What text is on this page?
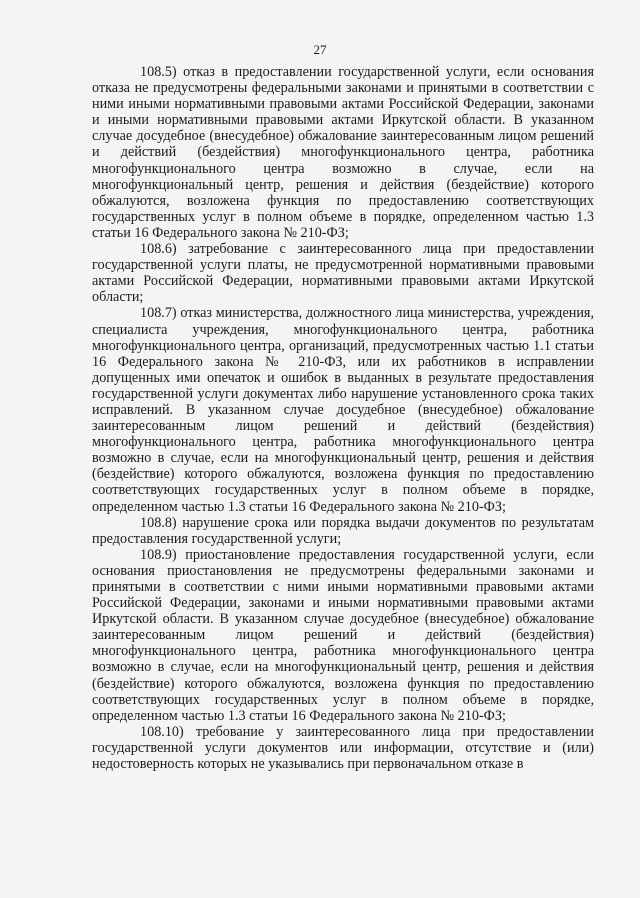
27

108.5) отказ в предоставлении государственной услуги, если основания отказа не предусмотрены федеральными законами и принятыми в соответствии с ними иными нормативными правовыми актами Российской Федерации, законами и иными нормативными правовыми актами Иркутской области. В указанном случае досудебное (внесудебное) обжалование заинтересованным лицом решений и действий (бездействия) многофункционального центра, работника многофункционального центра возможно в случае, если на многофункциональный центр, решения и действия (бездействие) которого обжалуются, возложена функция по предоставлению соответствующих государственных услуг в полном объеме в порядке, определенном частью 1.3 статьи 16 Федерального закона № 210-ФЗ;

108.6) затребование с заинтересованного лица при предоставлении государственной услуги платы, не предусмотренной нормативными правовыми актами Российской Федерации, нормативными правовыми актами Иркутской области;

108.7) отказ министерства, должностного лица министерства, учреждения, специалиста учреждения, многофункционального центра, работника многофункционального центра, организаций, предусмотренных частью 1.1 статьи 16 Федерального закона № 210-ФЗ, или их работников в исправлении допущенных ими опечаток и ошибок в выданных в результате предоставления государственной услуги документах либо нарушение установленного срока таких исправлений. В указанном случае досудебное (внесудебное) обжалование заинтересованным лицом решений и действий (бездействия) многофункционального центра, работника многофункционального центра возможно в случае, если на многофункциональный центр, решения и действия (бездействие) которого обжалуются, возложена функция по предоставлению соответствующих государственных услуг в полном объеме в порядке, определенном частью 1.3 статьи 16 Федерального закона № 210-ФЗ;

108.8) нарушение срока или порядка выдачи документов по результатам предоставления государственной услуги;

108.9) приостановление предоставления государственной услуги, если основания приостановления не предусмотрены федеральными законами и принятыми в соответствии с ними иными нормативными правовыми актами Российской Федерации, законами и иными нормативными правовыми актами Иркутской области. В указанном случае досудебное (внесудебное) обжалование заинтересованным лицом решений и действий (бездействия) многофункционального центра, работника многофункционального центра возможно в случае, если на многофункциональный центр, решения и действия (бездействие) которого обжалуются, возложена функция по предоставлению соответствующих государственных услуг в полном объеме в порядке, определенном частью 1.3 статьи 16 Федерального закона № 210-ФЗ;

108.10) требование у заинтересованного лица при предоставлении государственной услуги документов или информации, отсутствие и (или) недостоверность которых не указывались при первоначальном отказе в
